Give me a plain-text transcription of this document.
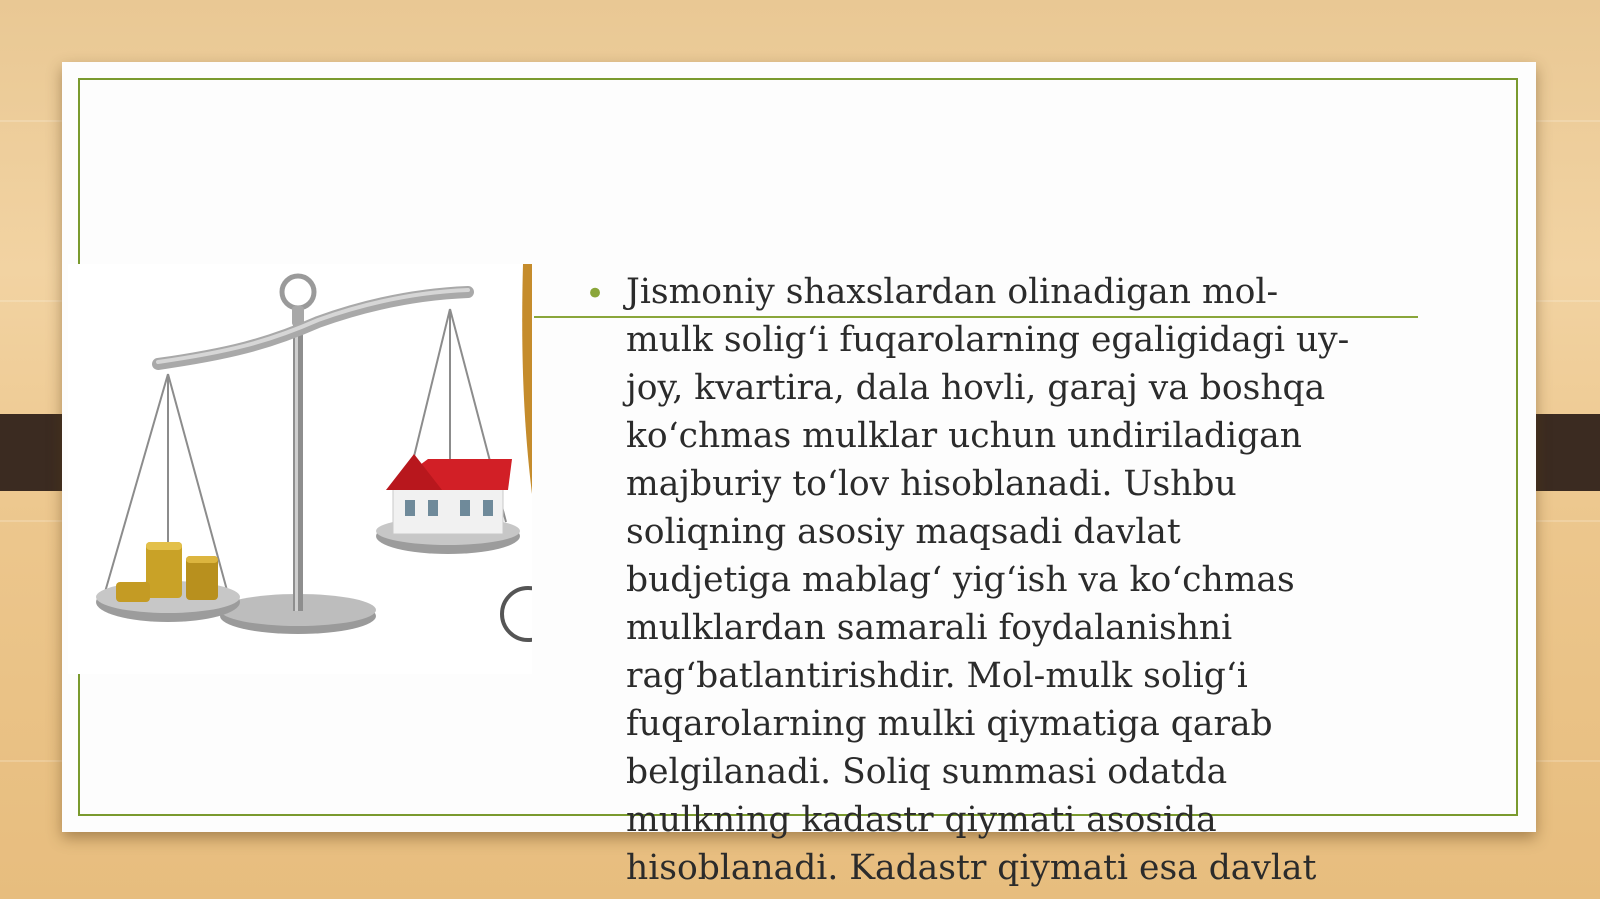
• Jismoniy shaxslardan olinadigan mol-
mulk solig‘i fuqarolarning egaligidagi uy-
joy, kvartira, dala hovli, garaj va boshqa
ko‘chmas mulklar uchun undiriladigan
majburiy to‘lov hisoblanadi. Ushbu
soliqning asosiy maqsadi davlat
budjetiga mablag‘ yig‘ish va ko‘chmas
mulklardan samarali foydalanishni
rag‘batlantirishdir. Mol-mulk solig‘i
fuqarolarning mulki qiymatiga qarab
belgilanadi. Soliq summasi odatda
mulkning kadastr qiymati asosida
hisoblanadi. Kadastr qiymati esa davlat
